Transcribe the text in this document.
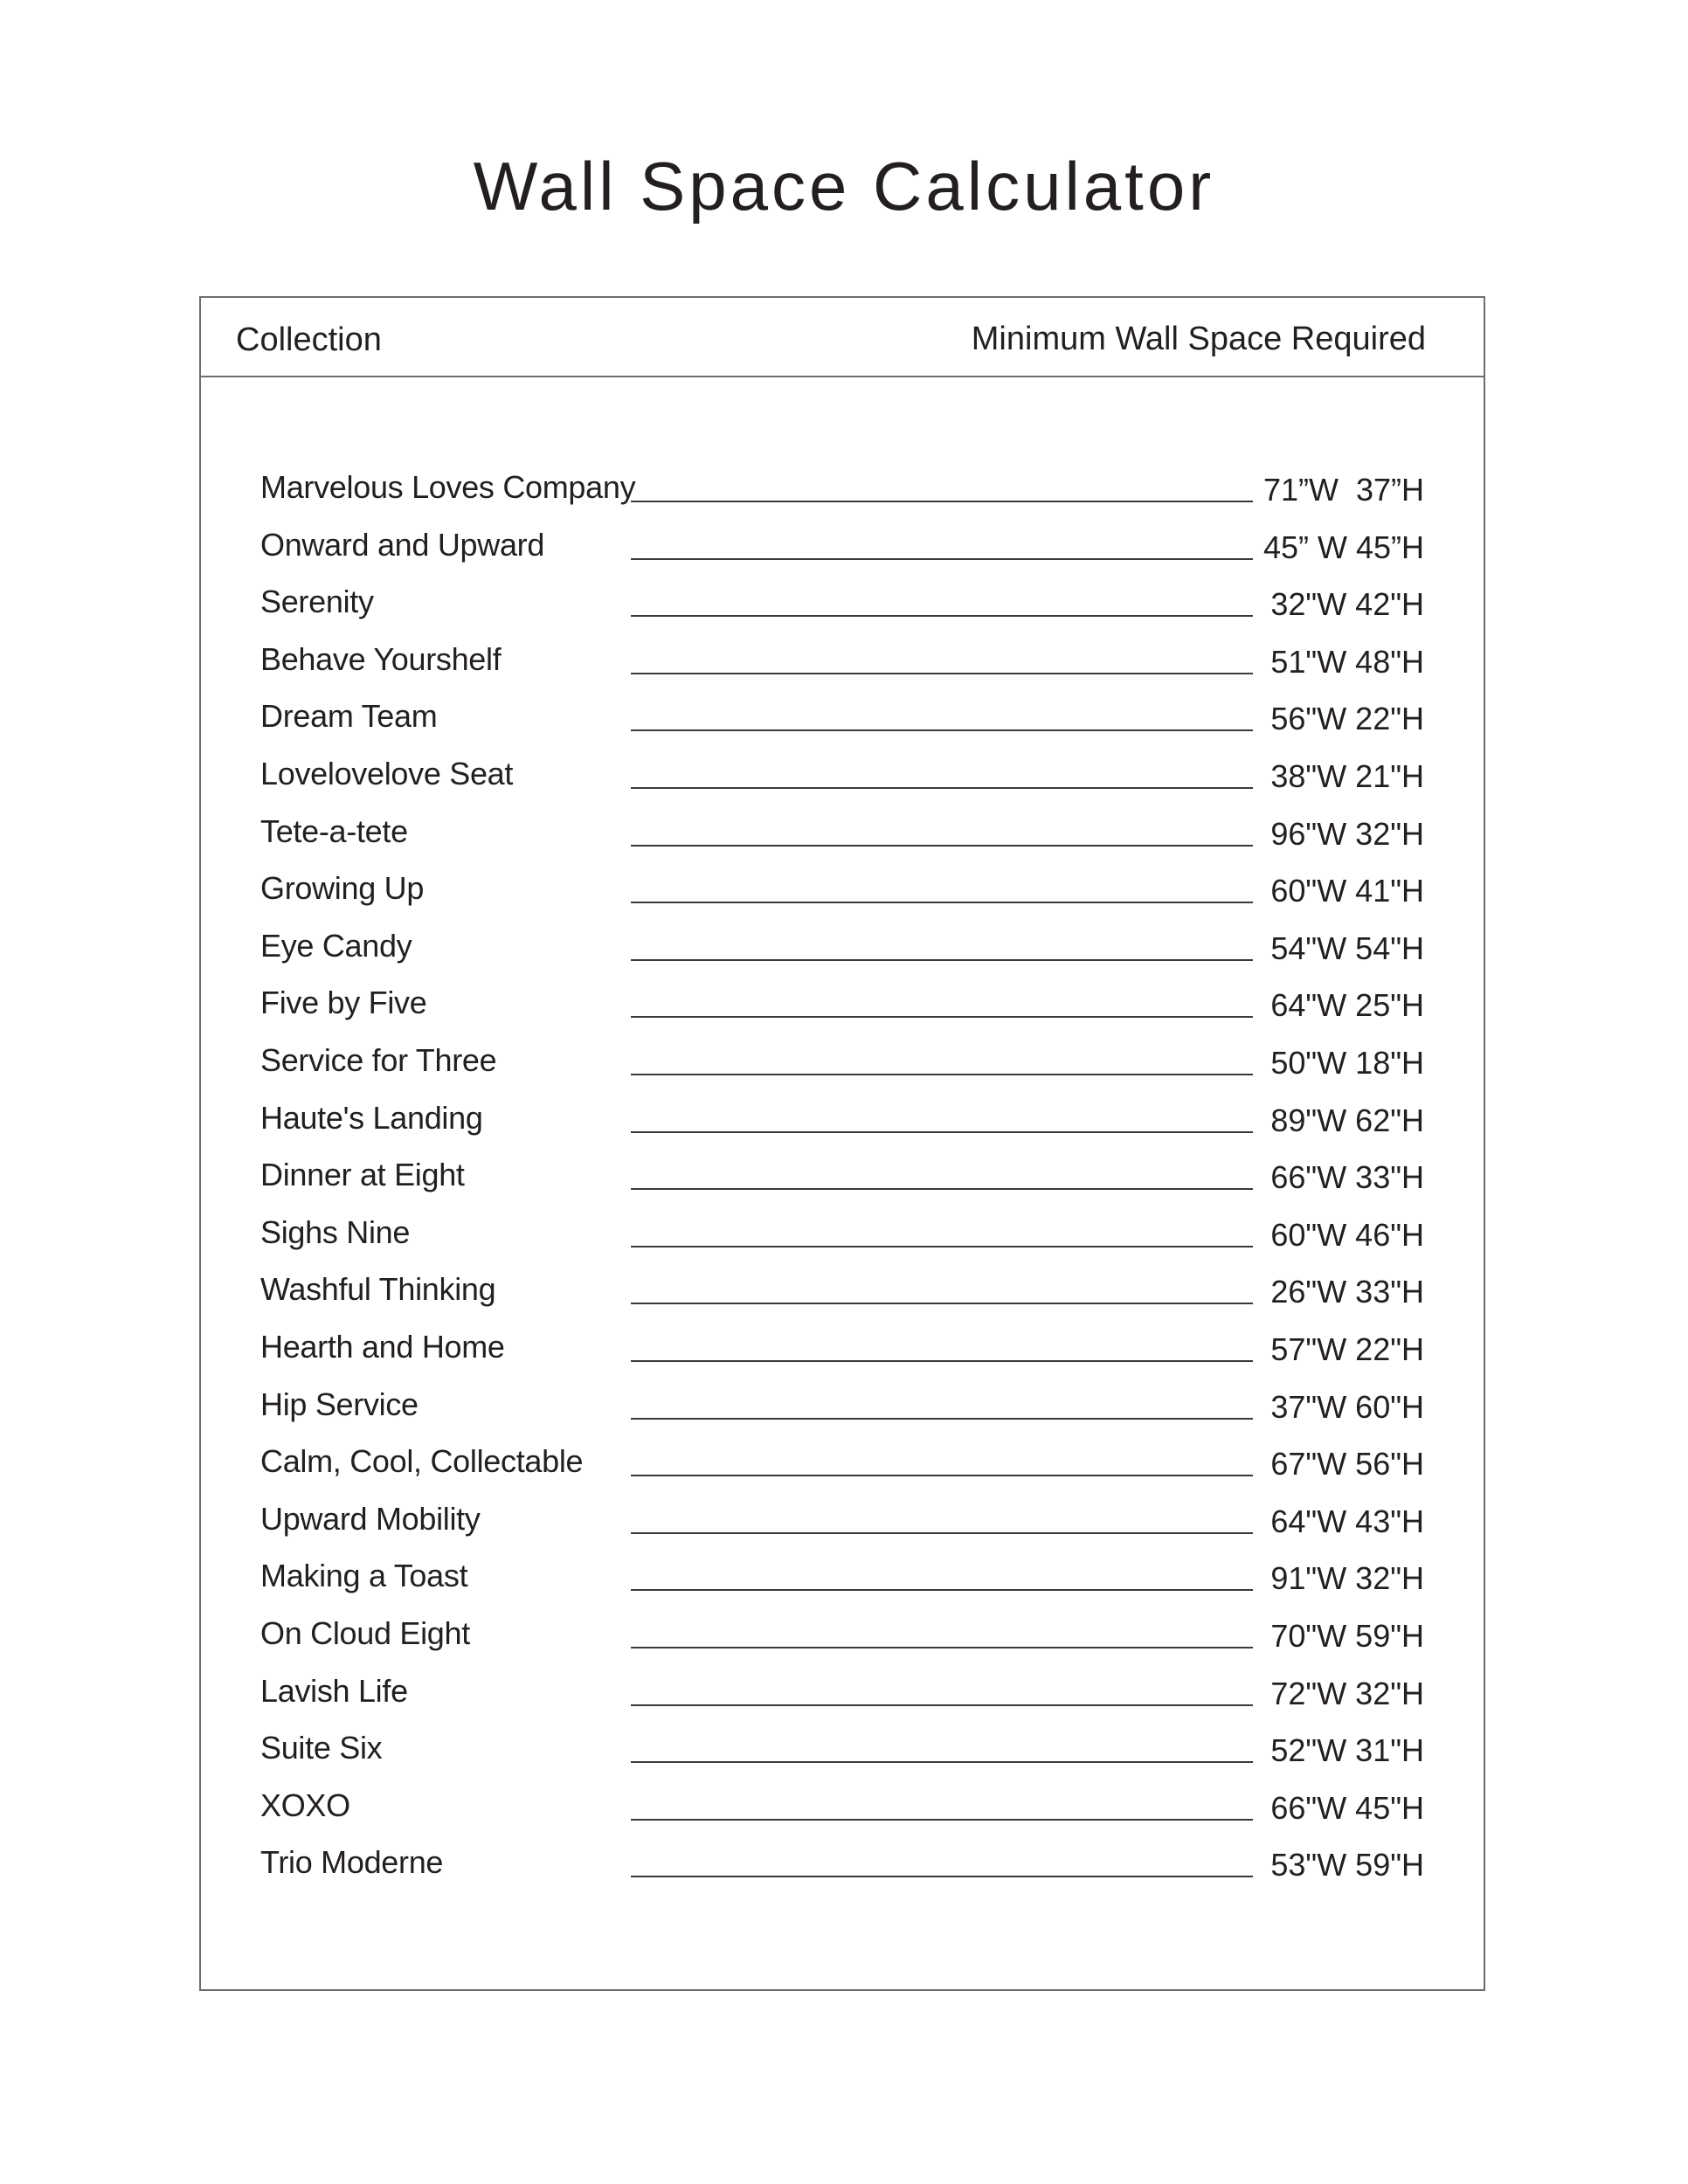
Wall Space Calculator
Collection	Minimum Wall Space Required
Marvelous Loves Company	71”W  37”H
Onward and Upward	45” W 45”H
Serenity	32"W 42"H
Behave Yourshelf	51"W 48"H
Dream Team	56"W 22"H
Lovelovelove Seat	38"W 21"H
Tete-a-tete	96"W 32"H
Growing Up	60"W 41"H
Eye Candy	54"W 54"H
Five by Five	64"W 25"H
Service for Three	50"W 18"H
Haute's Landing	89"W 62"H
Dinner at Eight	66"W 33"H
Sighs Nine	60"W 46"H
Washful Thinking	26"W 33"H
Hearth and Home	57"W 22"H
Hip Service	37"W 60"H
Calm, Cool, Collectable	67"W 56"H
Upward Mobility	64"W 43"H
Making a Toast	91"W 32"H
On Cloud Eight	70"W 59"H
Lavish Life	72"W 32"H
Suite Six	52"W 31"H
XOXO	66"W 45"H
Trio Moderne	53"W 59"H
